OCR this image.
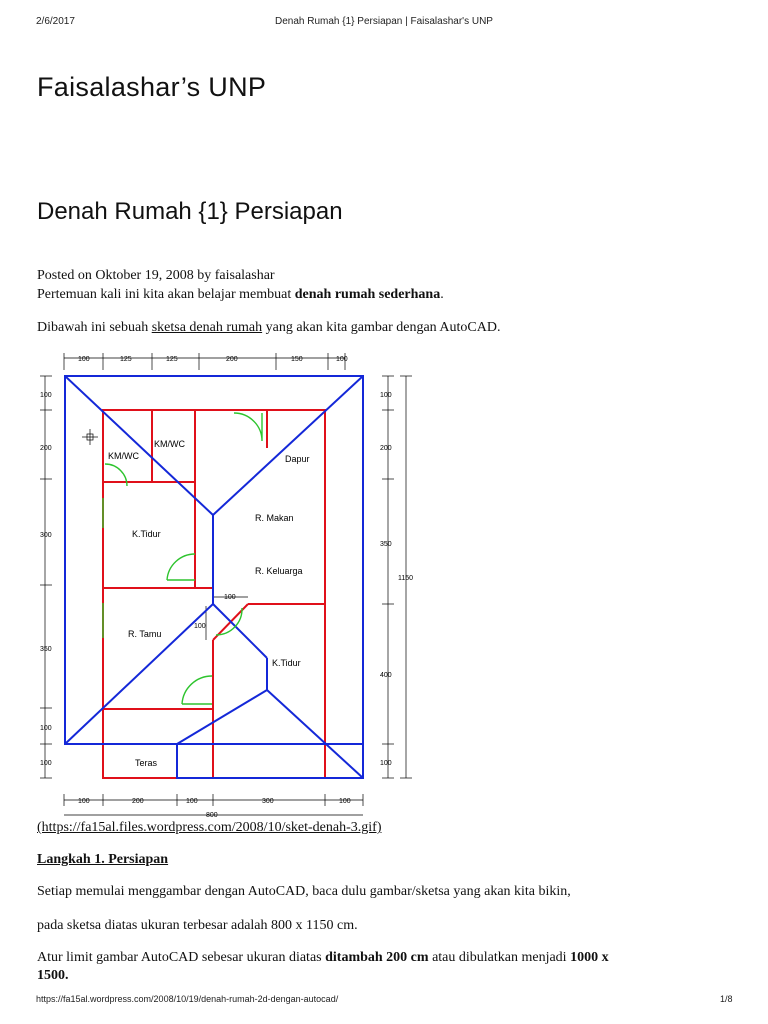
2/6/2017	Denah Rumah {1} Persiapan | Faisalashar's UNP
Faisalashar’s UNP
Denah Rumah {1} Persiapan
Posted on Oktober 19, 2008 by faisalashar
Pertemuan kali ini kita akan belajar membuat denah rumah sederhana.
Dibawah ini sebuah sketsa denah rumah yang akan kita gambar dengan AutoCAD.
100	125	125	200	150	100
100	200	100	300	100
800
100
200
300
350
100
100
100
200
350
400
100
1150
100
100
KM/WC
KM/WC	Dapur
K.Tidur
R. Makan
R. Keluarga
R. Tamu
K.Tidur
Teras
(https://fa15al.files.wordpress.com/2008/10/sket-denah-3.gif)
Langkah 1. Persiapan
Setiap memulai menggambar dengan AutoCAD, baca dulu gambar/sketsa yang akan kita bikin,
pada sketsa diatas ukuran terbesar adalah 800 x 1150 cm.
Atur limit gambar AutoCAD sebesar ukuran diatas ditambah 200 cm atau dibulatkan menjadi 1000 x
1500.
https://fa15al.wordpress.com/2008/10/19/denah-rumah-2d-dengan-autocad/	1/8
